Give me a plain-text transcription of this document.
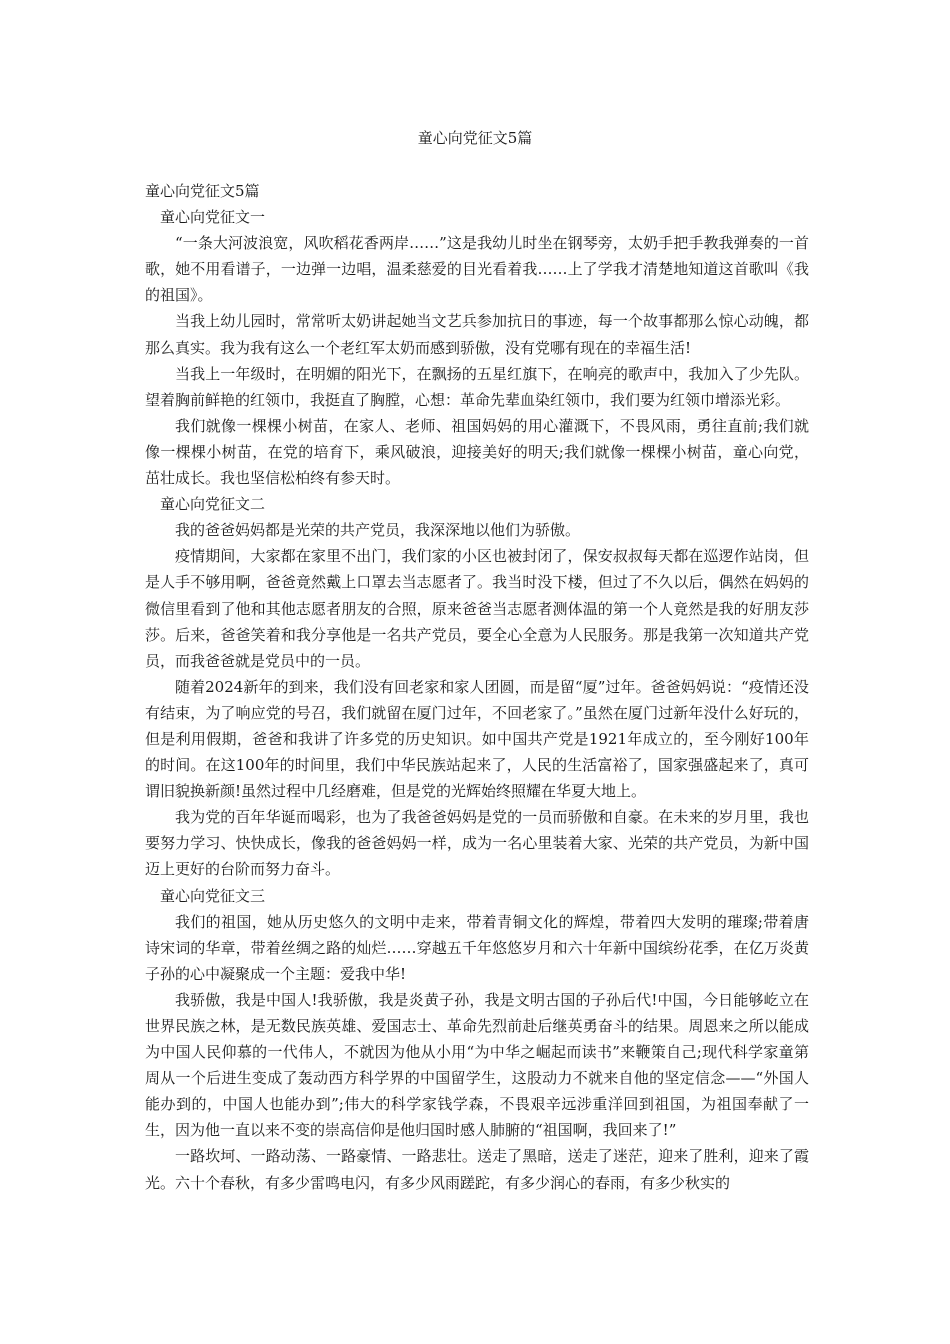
童心向党征文5篇

童心向党征文5篇

童心向党征文一

“一条大河波浪宽，风吹稻花香两岸……”这是我幼儿时坐在钢琴旁，太奶手把手教我弹奏的一首歌，她不用看谱子，一边弹一边唱，温柔慈爱的目光看着我……上了学我才清楚地知道这首歌叫《我的祖国》。

当我上幼儿园时，常常听太奶讲起她当文艺兵参加抗日的事迹，每一个故事都那么惊心动魄，都那么真实。我为我有这么一个老红军太奶而感到骄傲，没有党哪有现在的幸福生活!

当我上一年级时，在明媚的阳光下，在飘扬的五星红旗下，在响亮的歌声中，我加入了少先队。望着胸前鲜艳的红领巾，我挺直了胸膛，心想：革命先辈血染红领巾，我们要为红领巾增添光彩。

我们就像一棵棵小树苗，在家人、老师、祖国妈妈的用心灌溉下，不畏风雨，勇往直前;我们就像一棵棵小树苗，在党的培育下，乘风破浪，迎接美好的明天;我们就像一棵棵小树苗，童心向党，茁壮成长。我也坚信松柏终有参天时。

童心向党征文二

我的爸爸妈妈都是光荣的共产党员，我深深地以他们为骄傲。

疫情期间，大家都在家里不出门，我们家的小区也被封闭了，保安叔叔每天都在巡逻作站岗，但是人手不够用啊，爸爸竟然戴上口罩去当志愿者了。我当时没下楼，但过了不久以后，偶然在妈妈的微信里看到了他和其他志愿者朋友的合照，原来爸爸当志愿者测体温的第一个人竟然是我的好朋友莎莎。后来，爸爸笑着和我分享他是一名共产党员，要全心全意为人民服务。那是我第一次知道共产党员，而我爸爸就是党员中的一员。

随着2024新年的到来，我们没有回老家和家人团圆，而是留“厦”过年。爸爸妈妈说：“疫情还没有结束，为了响应党的号召，我们就留在厦门过年，不回老家了。”虽然在厦门过新年没什么好玩的，但是利用假期，爸爸和我讲了许多党的历史知识。如中国共产党是1921年成立的，至今刚好100年的时间。在这100年的时间里，我们中华民族站起来了，人民的生活富裕了，国家强盛起来了，真可谓旧貌换新颜!虽然过程中几经磨难，但是党的光辉始终照耀在华夏大地上。

我为党的百年华诞而喝彩，也为了我爸爸妈妈是党的一员而骄傲和自豪。在未来的岁月里，我也要努力学习、快快成长，像我的爸爸妈妈一样，成为一名心里装着大家、光荣的共产党员，为新中国迈上更好的台阶而努力奋斗。

童心向党征文三

我们的祖国，她从历史悠久的文明中走来，带着青铜文化的辉煌，带着四大发明的璀璨;带着唐诗宋词的华章，带着丝绸之路的灿烂……穿越五千年悠悠岁月和六十年新中国缤纷花季，在亿万炎黄子孙的心中凝聚成一个主题：爱我中华!

我骄傲，我是中国人!我骄傲，我是炎黄子孙，我是文明古国的子孙后代!中国，今日能够屹立在世界民族之林，是无数民族英雄、爱国志士、革命先烈前赴后继英勇奋斗的结果。周恩来之所以能成为中国人民仰慕的一代伟人，不就因为他从小用“为中华之崛起而读书”来鞭策自己;现代科学家童第周从一个后进生变成了轰动西方科学界的中国留学生，这股动力不就来自他的坚定信念——“外国人能办到的，中国人也能办到”;伟大的科学家钱学森，不畏艰辛远涉重洋回到祖国，为祖国奉献了一生，因为他一直以来不变的崇高信仰是他归国时感人肺腑的“祖国啊，我回来了!”

一路坎坷、一路动荡、一路豪情、一路悲壮。送走了黑暗，送走了迷茫，迎来了胜利，迎来了霞光。六十个春秋，有多少雷鸣电闪，有多少风雨蹉跎，有多少润心的春雨，有多少秋实的
